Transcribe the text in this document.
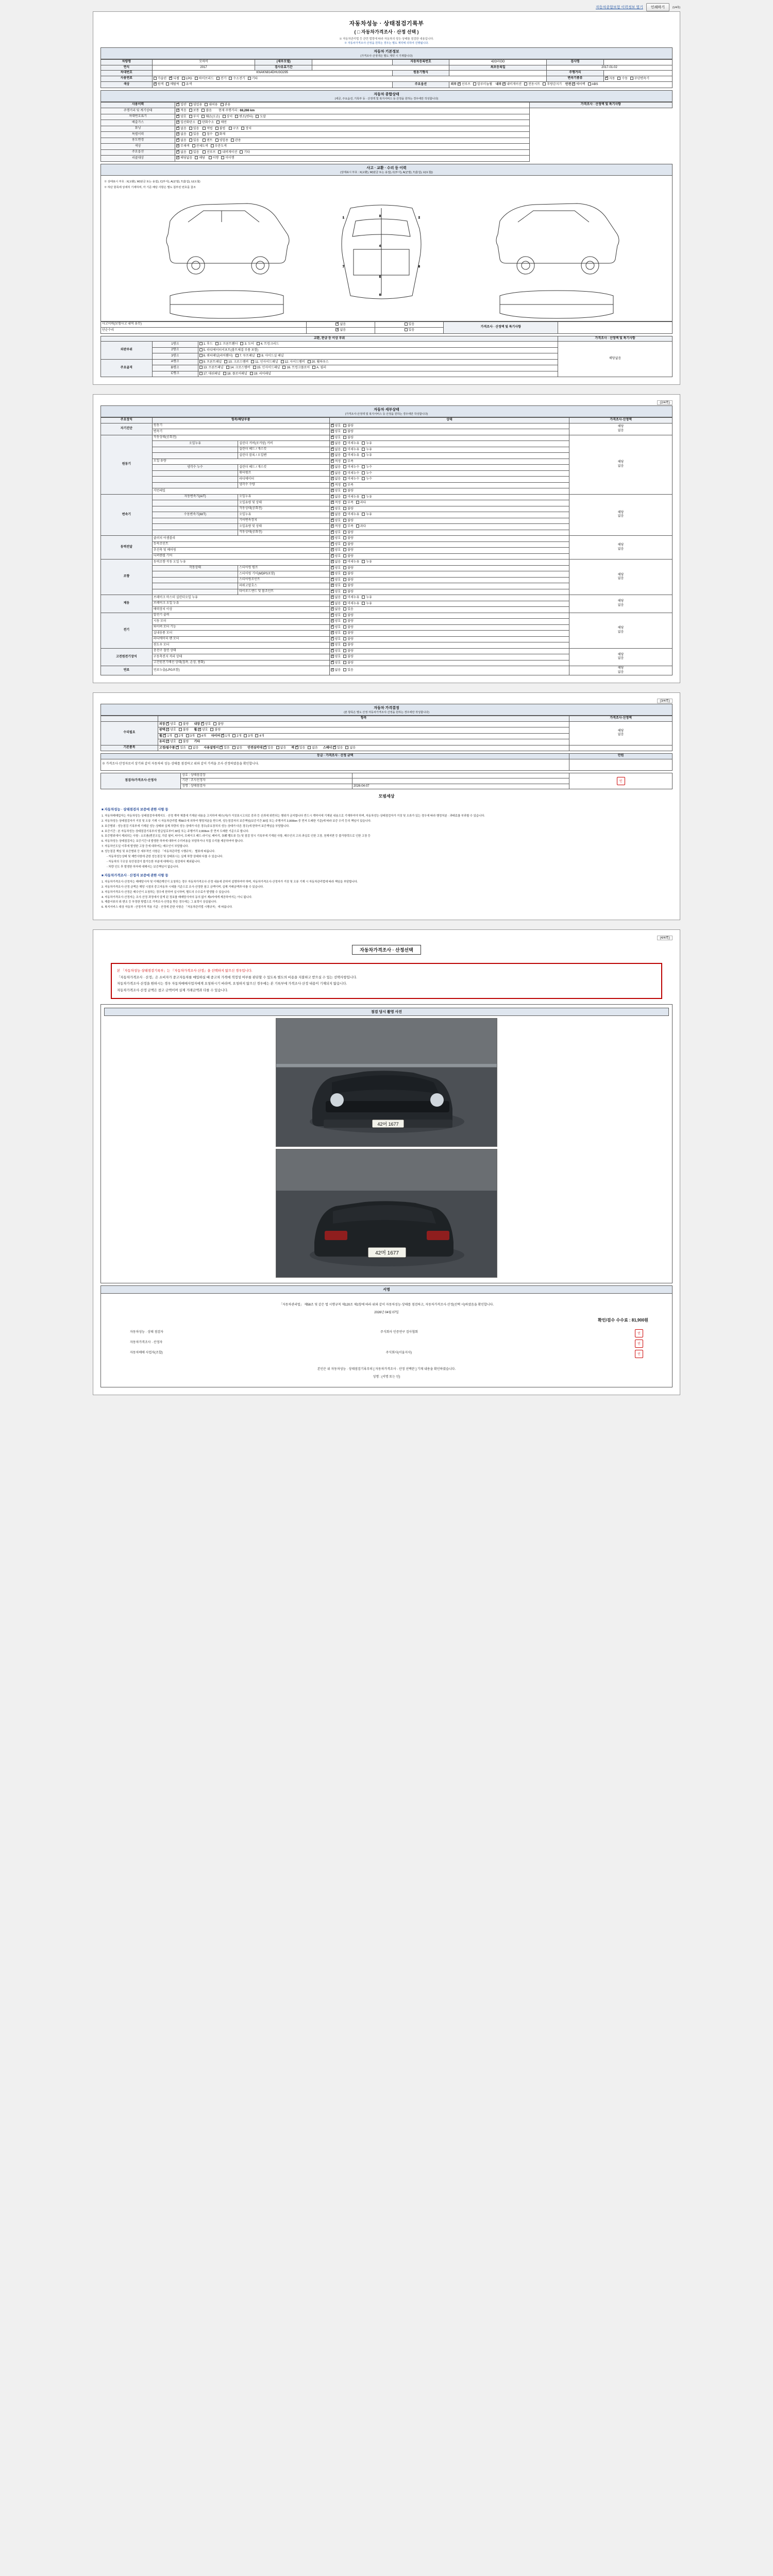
자동차종합보험 이력정보 열기	인쇄하기	(1/4쪽)
자동차성능 · 상태점검기록부
( □ 자동차가격조사 · 산정 선택 )
※ 자동차관리법 등 관련 법령에 따라 자동차의 성능·상태를 점검한 내용입니다.
※ 자동차가격조사·산정을 원하는 경우는 별도 계약에 의하여 진행됩니다.
자동차 기본정보
(가격조사·산정액은 별도 계약 시 기재합니다)
차량명	모하비	(세부모델)		자동차등록번호	42O러OO	검사명	
연식	2017	검사유효기간			최초등록일	2017-01-02	
차대번호	KNAKN814DHU3O295			원동기형식		주행거리	
사용연료	가솔린 ✓ 디젤 LPG 하이브리드 전기 수소전기 기타					변속기종류	✓자동 수동 무단변속기
색상	✓원색 메탈릭 유색			주요옵션	외부 ✓ 선루프 알루미늄휠 내부 ✓ 내비게이션 전동시트 후방감지기 안전 ✓ 에어백 ABS
자동차 종합상태
(세금, 주요옵션, 기록부 등 · 산정액 및 복지서비스 등 산정을 원하는 경우에만 작성합니다)
사용이력	✓일반 영업용 대여용 관용	가격조사 · 산정액 및 특기사항
주행거리 및 계기상태	✓적음 보통 많음 현재 주행거리 : 68,266 km
차대번호표기	✓양호 부식 훼손(오손) 상이 변조(변타) 도말
배출가스	✓일산화탄소 탄화수소 매연
튜닝	✓없음 있음 적법 불법 구조 장치
특별이력	✓없음 있음 침수 화재
용도변경	✓없음 있음 렌트 영업용 관용
색상	✓무채색 전체도색 부분도색
주요옵션	✓없음 있음 선루프 내비게이션 기타
리콜대상	✓해당없음 해당 이행 미이행
사고 · 교환 · 수리 등 이력
(상태표시 부호 : X(교환), W(판금 또는 용접), C(부식), A(균열), T(흠집), U(요철))
※ 상태표시 부호 : X(교환), W(판금 또는 용접), C(부식), A(균열), T(흠집), U(요철)
※ 하단 항목에 상세히 기재하며, 각 기준 해당 사항은 별도 첨부된 번호를 참조
1	2
3
4
5
6
7	8
사고이력(보험사고 내역 유무)	✓없음	있음	가격조사 · 산정액 및 특기사항	
단순수리	✓없음	있음		
교환, 판금 등 이상 부위			가격조사 · 산정액 및 특기사항
외판부위	1랭크	1. 후드 2. 프론트휀더 3. 도어 4. 트렁크리드	해당없음
	2랭크	5. 라디에이터서포트(볼트체결 부품 포함)	
	3랭크	6. 쿼터패널(리어휀더) 7. 루프패널 8. 사이드실 패널	
주요골격	A랭크	9. 프론트패널 10. 크로스멤버 11. 인사이드패널 12. 사이드멤버 20. 휠하우스	
	B랭크	13. 프론트패널 14. 크로스멤버 15. 인사이드패널 16. 트렁크플로어 A. 필러	
	C랭크	17. 대쉬패널 18. 플로어패널 19. 리어패널	
(2/4쪽)
자동차 세부상태
(가격조사·산정액 및 복지서비스 등 산정을 원하는 경우에만 작성합니다)
주요장치	항목/해당부품		상태	가격조사·산정액
자기진단	원동기	✓양호 불량	해당
없음
	변속기	✓양호 불량
원동기	작동상태(공회전)	✓양호 불량	해당
없음
	오일누유	실린더 커버(로커암) 커버	✓없음 미세누유 누유
		실린더 헤드 / 개스킷	✓없음 미세누유 누유
		실린더 블록 / 오일팬	✓없음 미세누유 누유
	오일 유량	✓적정 부족
	냉각수 누수	실린더 헤드 / 개스킷	✓없음 미세누수 누수
		워터펌프	✓없음 미세누수 누수
		라디에이터	✓없음 미세누수 누수
		냉각수 수량	✓적정 부족
	커먼레일	✓양호 불량
변속기	자동변속기(A/T)	오일누유	✓없음 미세누유 누유	해당
없음
		오일유량 및 상태	✓적정 부족 과다
		작동상태(공회전)	✓양호 불량
	수동변속기(M/T)	오일누유	✓없음 미세누유 누유
		기어변속장치	✓양호 불량
		오일유량 및 상태	✓적정 부족 과다
		작동상태(공회전)	✓양호 불량
동력전달	클러치 어셈블리	✓양호 불량	해당
없음
	등속조인트	✓양호 불량
	추진축 및 베어링	✓양호 불량
	디퍼렌셜 기어	✓양호 불량
조향	동력조향 작동 오일 누유	✓없음 미세누유 누유	해당
없음
	작동상태	스티어링 펌프	✓양호 불량
		스티어링 기어(MDPS포함)	✓양호 불량
		스티어링조인트	✓양호 불량
		파워고압호스	✓양호 불량
		타이로드엔드 및 볼조인트	✓양호 불량
제동	브레이크 마스터 실린더오일 누유	✓없음 미세누유 누유	해당
없음
	브레이크 오일 누유	✓없음 미세누유 누유
	배력장치 이상	✓없음 있음
전기	발전기 출력	✓양호 불량	해당
없음
	시동 모터	✓양호 불량
	와이퍼 모터 기능	✓양호 불량
	실내송풍 모터	✓양호 불량
	라디에이터 팬 모터	✓양호 불량
	윈도우 모터	✓양호 불량
고전원전기장치	충전구 절연 상태	✓양호 불량	해당
없음
	구동축전지 격리 상태	✓양호 불량
	고전원전기배선 상태(접촉, 손상, 풍화)	✓양호 불량
연료	연료누출(LPG포함)	✓없음 있음	해당
없음
(3/4쪽)
자동차 가격결정
(본 항목은 별도 산정 자동차가격조사·산정을 원하는 경우에만 작성합니다)
	항목	가격조사·산정액
수리필요	외장 ✓ 양호 불량 내장 ✓ 양호 불량	해당
없음
	광택 ✓ 양호 불량 휠 ✓ 양호 불량
	휠 ✓ 1개 2개 3개 4개 타이어 ✓ 1개 2개 3개 4개
	유리 ✓ 양호 불량 기타
기본품목	고정/필수품 ✓ 있음 없음 사용설명서 ✓ 있음 없음 안전삼각대 ✓ 있음 없음 잭 ✓ 있음 없음 스패너 ✓ 있음 없음	
등급 · 가격조사 · 산정 금액	만원
※ 가격조사·산정자로서 상기와 같이 자동차의 성능·상태를 점검하고 위와 같이 가격을 조사·산정하였음을 확인합니다.	
점검자/가격조사·산정자	상호 : 상태점검장		인
	기관 : 조사선정자		
	성명 : 상태점검자	2026-04-07	
모범세상
■ 자동차성능 · 상태점검자 보증에 관한 사항 등

1. 자동차매매업자는 자동차성능·상태점검자에게지도 · 산정 계약 체결에 기재된 내용을 고지하여 매수(자)가 거짓표시고의로 중과 등 신뢰에 위반되는 행위가 금지합니다 반드시 계약서에 기재된 내용으로 기재하여야 하며, 자동차성능·상태점검자가 거짓 및 오류가 있는 경우에 따라 행정처분 · 과태료를 부과할 수 있습니다.

2. 자동차성능·상태점검자가 거짓 및 오류 기재 시 자동차관리법 제58조에 의하여 행정처분을 받으며, 성능점검자의 보증책임(보증기간 30일 또는 주행거리 2,000km 중 먼저 도래한 기준)에 따라 보증 수리 등의 책임이 있습니다.

3. 보증범위 : 성능점검 기록부에 기재된 성능·상태와 실제 차량의 성능·상태가 다른 경우(주요장치의 성능·상태가 다른 경우)에 한하여 보증책임을 부담합니다.

4. 보증기간 : 본 자동차성능·상태점검기록부의 발급일로부터 30일 또는 주행거리 2,000km 중 먼저 도래한 기준으로 합니다.

5. 보증범위에서 제외되는 사항 : 소모품(엔진오일, 각종 필터, 타이어, 브레이크 패드·라이닝, 배터리, 各種 벨트류 등) 및 점검 당시 기록부에 기재된 사항, 매수인의 고의·과실로 인한 고장, 천재지변 등 불가항력으로 인한 고장 등

6. 자동차성능·상태점검자는 보증기간 내 발생한 하자에 대하여 수리비용을 부담하거나 직접 수리를 제공하여야 합니다.

7. 자동차인도일 이후에 발생한 고장 등에 대하여는 매수인이 부담합니다.

8. 성능점검 책임 및 보증범위 등 세부적인 사항은 「자동차관리법 시행규칙」 별표에 따릅니다.

- 자동차성능상태 및 제반사항에 관한 성능점검 및 상태표시는 실제 차량 상태와 다를 수 있습니다.

- 자동차의 구조상 육안점검이 불가능한 부분에 대해서는 점검에서 제외됩니다.

- 차량 인도 후 발생한 하자에 대해서는 보증책임이 없습니다.

■ 자동차가격조사 · 산정자 보증에 관한 사항 등

1. 자동차가격조사·산정자는 매매당사자 및 이해관계인이 요청하는 경우 자동차가격조사·산정 내용에 관하여 설명하여야 하며, 자동차가격조사·산정자가 거짓 및 오류 기재 시 자동차관리법에 따라 책임을 부담합니다.

2. 자동차가격조사·산정 금액은 해당 시점의 중고자동차 시세를 기준으로 조사·산정한 참고 금액이며, 실제 거래금액과 다를 수 있습니다.

3. 자동차가격조사·산정은 매수인이 요청하는 경우에 한하여 실시하며, 별도의 수수료가 발생할 수 있습니다.

4. 자동차가격조사·산정자는 조사·산정 과정에서 알게 된 정보를 매매당사자의 동의 없이 제3자에게 제공하여서는 아니 됩니다.

5. 제출서류의 위·변조 등 부정한 방법으로 가격조사·산정을 받은 경우에는 그 효력이 상실됩니다.

6. 복지서비스 대상 자동차 : 산정가격 적용 기준 · 산정에 관한 사항은 「자동차관리법 시행규칙」에 따릅니다.

(4/4쪽)
자동차가격조사 · 산정선택

본 「자동차성능·상태점검기록부」는 『자동차가격조사·산정』을 선택하지 않으신 경우입니다.

「자동차가격조사 · 산정」은 소비자가 중고자동차를 매입하실 때 중고차 가격에 적정성 여부를 판단할 수 있도록 별도의 비용을 지불하고 받으실 수 있는 선택사항입니다.

자동차가격조사·산정을 원하시는 경우 자동차매매사업자에게 요청하시기 바라며, 요청하지 않으신 경우에는 본 기록부에 가격조사·산정 내용이 기재되지 않습니다.

자동차가격조사·산정 금액은 참고 금액이며 실제 거래금액과 다를 수 있습니다.

점검 당시 촬영 사진
42머 1677
42머 1677
서명
「자동차관리법」 제58조 및 같은 법 시행규칙 제120조 제1항에 따라 위와 같이 자동차성능·상태를 점검하고, 자동차가격조사·산정(선택 시)하였음을 확인합니다.
2026년 04월 07일
확인/검수 수수료 : 81,900원
자동차성능 · 상태 점검자	주식회사 인증연구 검사협회	인
자동차가격조사 · 산정자	인
자동차매매 사업자(조합)	주식회사(서울지사)	인
본인은 위 자동차성능 · 상태점검기록부의 [ 자동차가격조사 · 산정 선택란 ] 기재 내용을 확인하였습니다.
성명 : (서명 또는 인)
